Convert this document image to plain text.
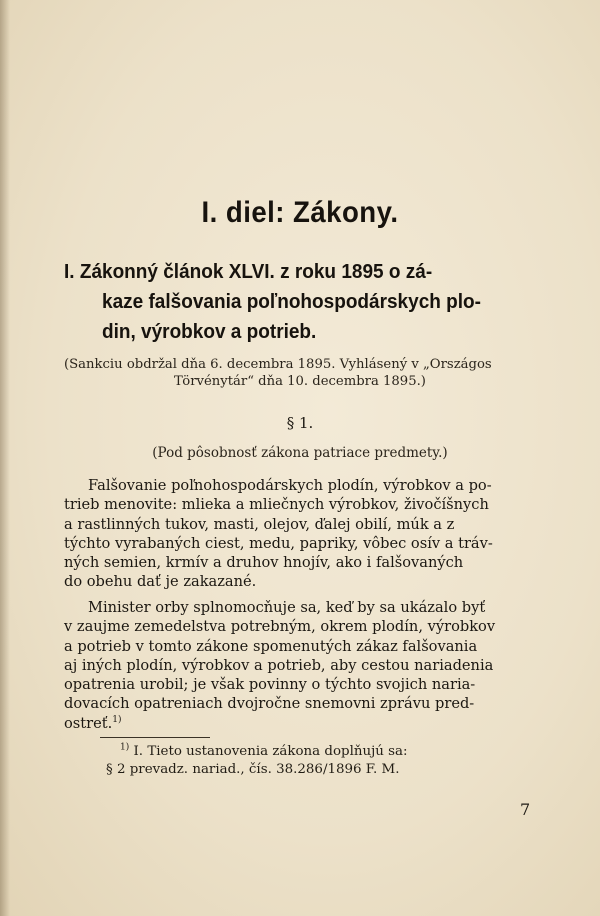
I. diel: Zákony.
I. Zákonný článok XLVI. z roku 1895 o zá-
kaze falšovania poľnohospodárskych plo-
din, výrobkov a potrieb.
(Sankciu obdržal dňa 6. decembra 1895. Vyhlásený v „Országos
Törvénytár“ dňa 10. decembra 1895.)
§ 1.
(Pod pôsobnosť zákona patriace predmety.)
Falšovanie poľnohospodárskych plodín, výrobkov a po-
trieb menovite: mlieka a mliečnych výrobkov, živočíšnych
a rastlinných tukov, masti, olejov, ďalej obilí, múk a z
týchto vyrabaných ciest, medu, papriky, vôbec osív a tráv-
ných semien, krmív a druhov hnojív, ako i falšovaných
do obehu dať je zakazané.
Minister orby splnomocňuje sa, keď by sa ukázalo byť
v zaujme zemedelstva potrebným, okrem plodín, výrobkov
a potrieb v tomto zákone spomenutých zákaz falšovania
aj iných plodín, výrobkov a potrieb, aby cestou nariadenia
opatrenia urobil; je však povinny o týchto svojich naria-
dovacích opatreniach dvojročne snemovni zprávu pred-
ostreť.$^{1)}$
$^{1)}$ I. Tieto ustanovenia zákona doplňujú sa:
§ 2 prevadz. nariad., čís. 38.286/1896 F. M.
7
